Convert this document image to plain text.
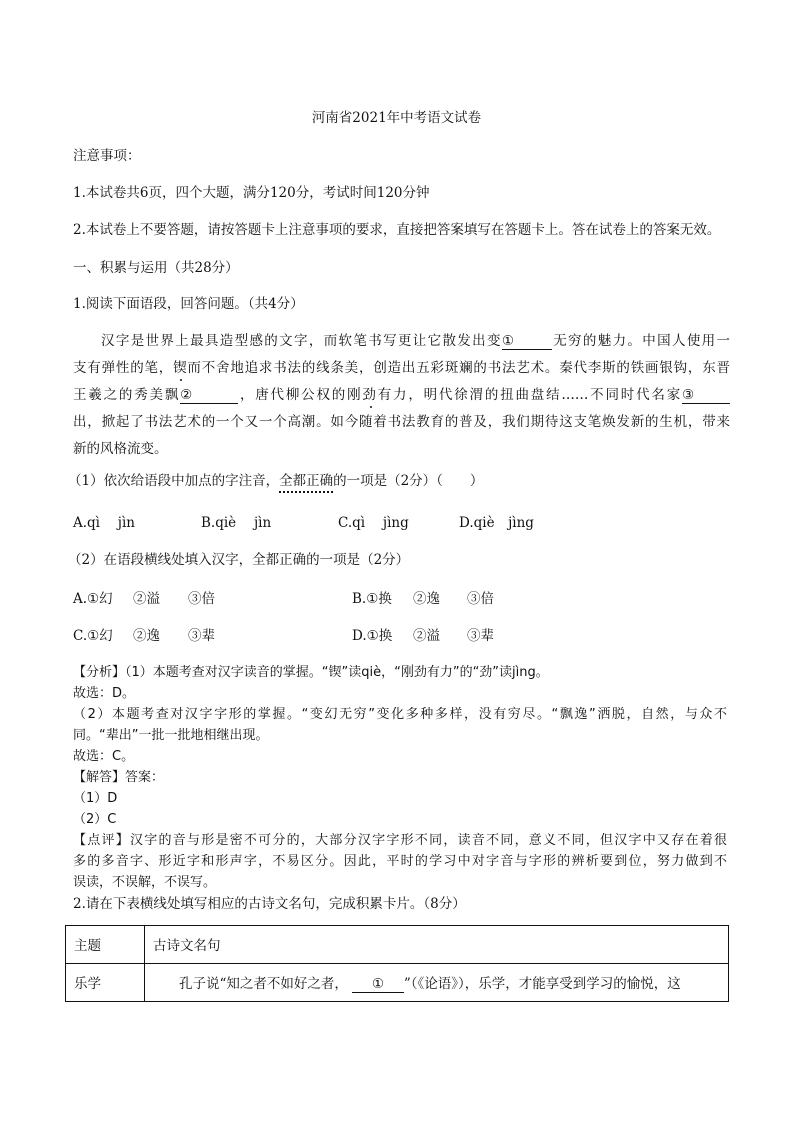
河南省2021年中考语文试卷
注意事项：
1.本试卷共6页，四个大题，满分120分，考试时间120分钟
2.本试卷上不要答题，请按答题卡上注意事项的要求，直接把答案填写在答题卡上。答在试卷上的答案无效。
一、积累与运用（共28分）
1.阅读下面语段，回答问题。（共4分）
汉字是世界上最具造型感的文字，而软笔书写更让它散发出变①	无穷的魅力。中国人使用一
支有弹性的笔，锲而不舍地追求书法的线条美，创造出五彩斑斓的书法艺术。秦代李斯的铁画银钩，东晋
王羲之的秀美飘②	，唐代柳公权的刚劲有力，明代徐渭的扭曲盘结……不同时代名家③
出，掀起了书法艺术的一个又一个高潮。如今随着书法教育的普及，我们期待这支笔焕发新的生机，带来
新的风格流变。
（1）依次给语段中加点的字注音，全都正确的一项是（2分）（　　）
A.qì　 jìn	B.qiè　 jìn	C.qì　 jìng	D.qiè　jìng
（2）在语段横线处填入汉字，全都正确的一项是（2分）
A.①幻 ②溢 ③倍	B.①换 ②逸 ③倍
C.①幻 ②逸 ③辈	D.①换 ②溢 ③辈
【分析】（1）本题考查对汉字读音的掌握。“锲”读qiè，“刚劲有力”的“劲”读jìng。
故选：D。
（2）本题考查对汉字字形的掌握。“变幻无穷”变化多种多样，没有穷尽。“飘逸”洒脱，自然，与众不
同。“辈出”一批一批地相继出现。
故选：C。
【解答】答案：
（1）D
（2）C
【点评】汉字的音与形是密不可分的，大部分汉字字形不同，读音不同，意义不同，但汉字中又存在着很
多的多音字、形近字和形声字，不易区分。因此，平时的学习中对字音与字形的辨析要到位，努力做到不
误读，不误解，不误写。
2.请在下表横线处填写相应的古诗文名句，完成积累卡片。（8分）
主题	古诗文名句
乐学	孔子说“知之者不如好之者， ① ”（《论语》），乐学，才能享受到学习的愉悦，这
